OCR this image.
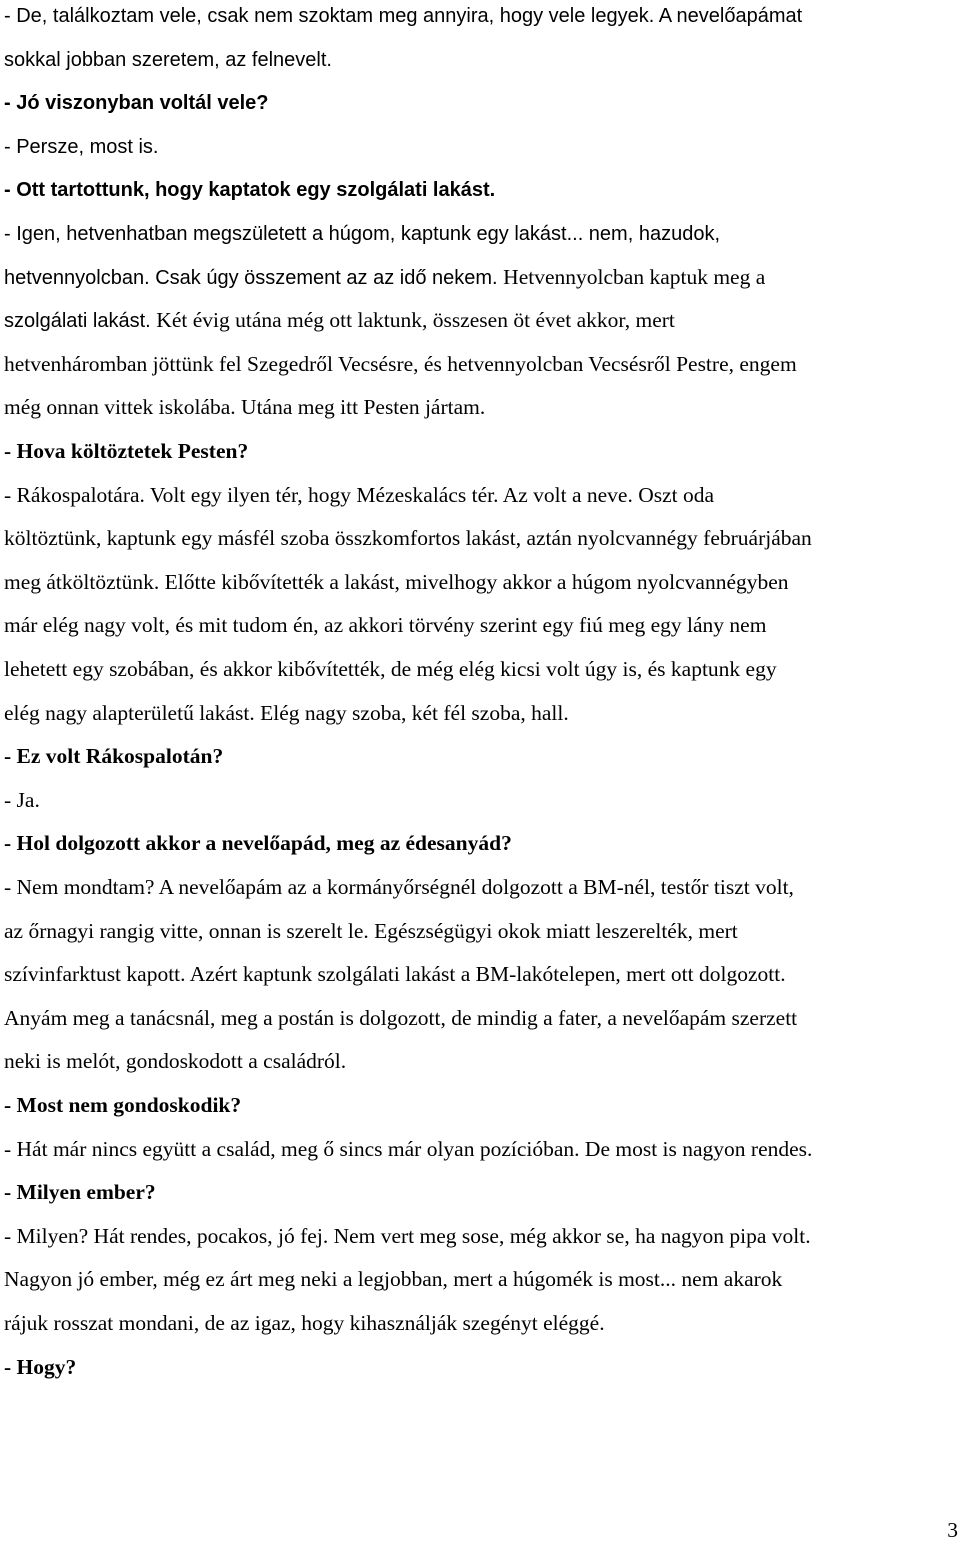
- De, találkoztam vele, csak nem szoktam meg annyira, hogy vele legyek. A nevelőapámat
sokkal jobban szeretem, az felnevelt.
- Jó viszonyban voltál vele?
- Persze, most is.
- Ott tartottunk, hogy kaptatok egy szolgálati lakást.
- Igen, hetvenhatban megszületett a húgom, kaptunk egy lakást... nem, hazudok,
hetvennyolcban. Csak úgy összement az az idő nekem. Hetvennyolcban kaptuk meg a
szolgálati lakást. Két évig utána még ott laktunk, összesen öt évet akkor, mert
hetvenháromban jöttünk fel Szegedről Vecsésre, és hetvennyolcban Vecsésről Pestre, engem
még onnan vittek iskolába. Utána meg itt Pesten jártam.
- Hova költöztetek Pesten?
- Rákospalotára. Volt egy ilyen tér, hogy Mézeskalács tér. Az volt a neve. Oszt oda
költöztünk, kaptunk egy másfél szoba összkomfortos lakást, aztán nyolcvannégy februárjában
meg átköltöztünk. Előtte kibővítették a lakást, mivelhogy akkor a húgom nyolcvannégyben
már elég nagy volt, és mit tudom én, az akkori törvény szerint egy fiú meg egy lány nem
lehetett egy szobában, és akkor kibővítették, de még elég kicsi volt úgy is, és kaptunk egy
elég nagy alapterületű lakást. Elég nagy szoba, két fél szoba, hall.
- Ez volt Rákospalotán?
- Ja.
- Hol dolgozott akkor a nevelőapád, meg az édesanyád?
- Nem mondtam? A nevelőapám az a kormányőrségnél dolgozott a BM-nél, testőr tiszt volt,
az őrnagyi rangig vitte, onnan is szerelt le. Egészségügyi okok miatt leszerelték, mert
szívinfarktust kapott. Azért kaptunk szolgálati lakást a BM-lakótelepen, mert ott dolgozott.
Anyám meg a tanácsnál, meg a postán is dolgozott, de mindig a fater, a nevelőapám szerzett
neki is melót, gondoskodott a családról.
- Most nem gondoskodik?
- Hát már nincs együtt a család, meg ő sincs már olyan pozícióban. De most is nagyon rendes.
- Milyen ember?
- Milyen? Hát rendes, pocakos, jó fej. Nem vert meg sose, még akkor se, ha nagyon pipa volt.
Nagyon jó ember, még ez árt meg neki a legjobban, mert a húgomék is most... nem akarok
rájuk rosszat mondani, de az igaz, hogy kihasználják szegényt eléggé.
- Hogy?
3
